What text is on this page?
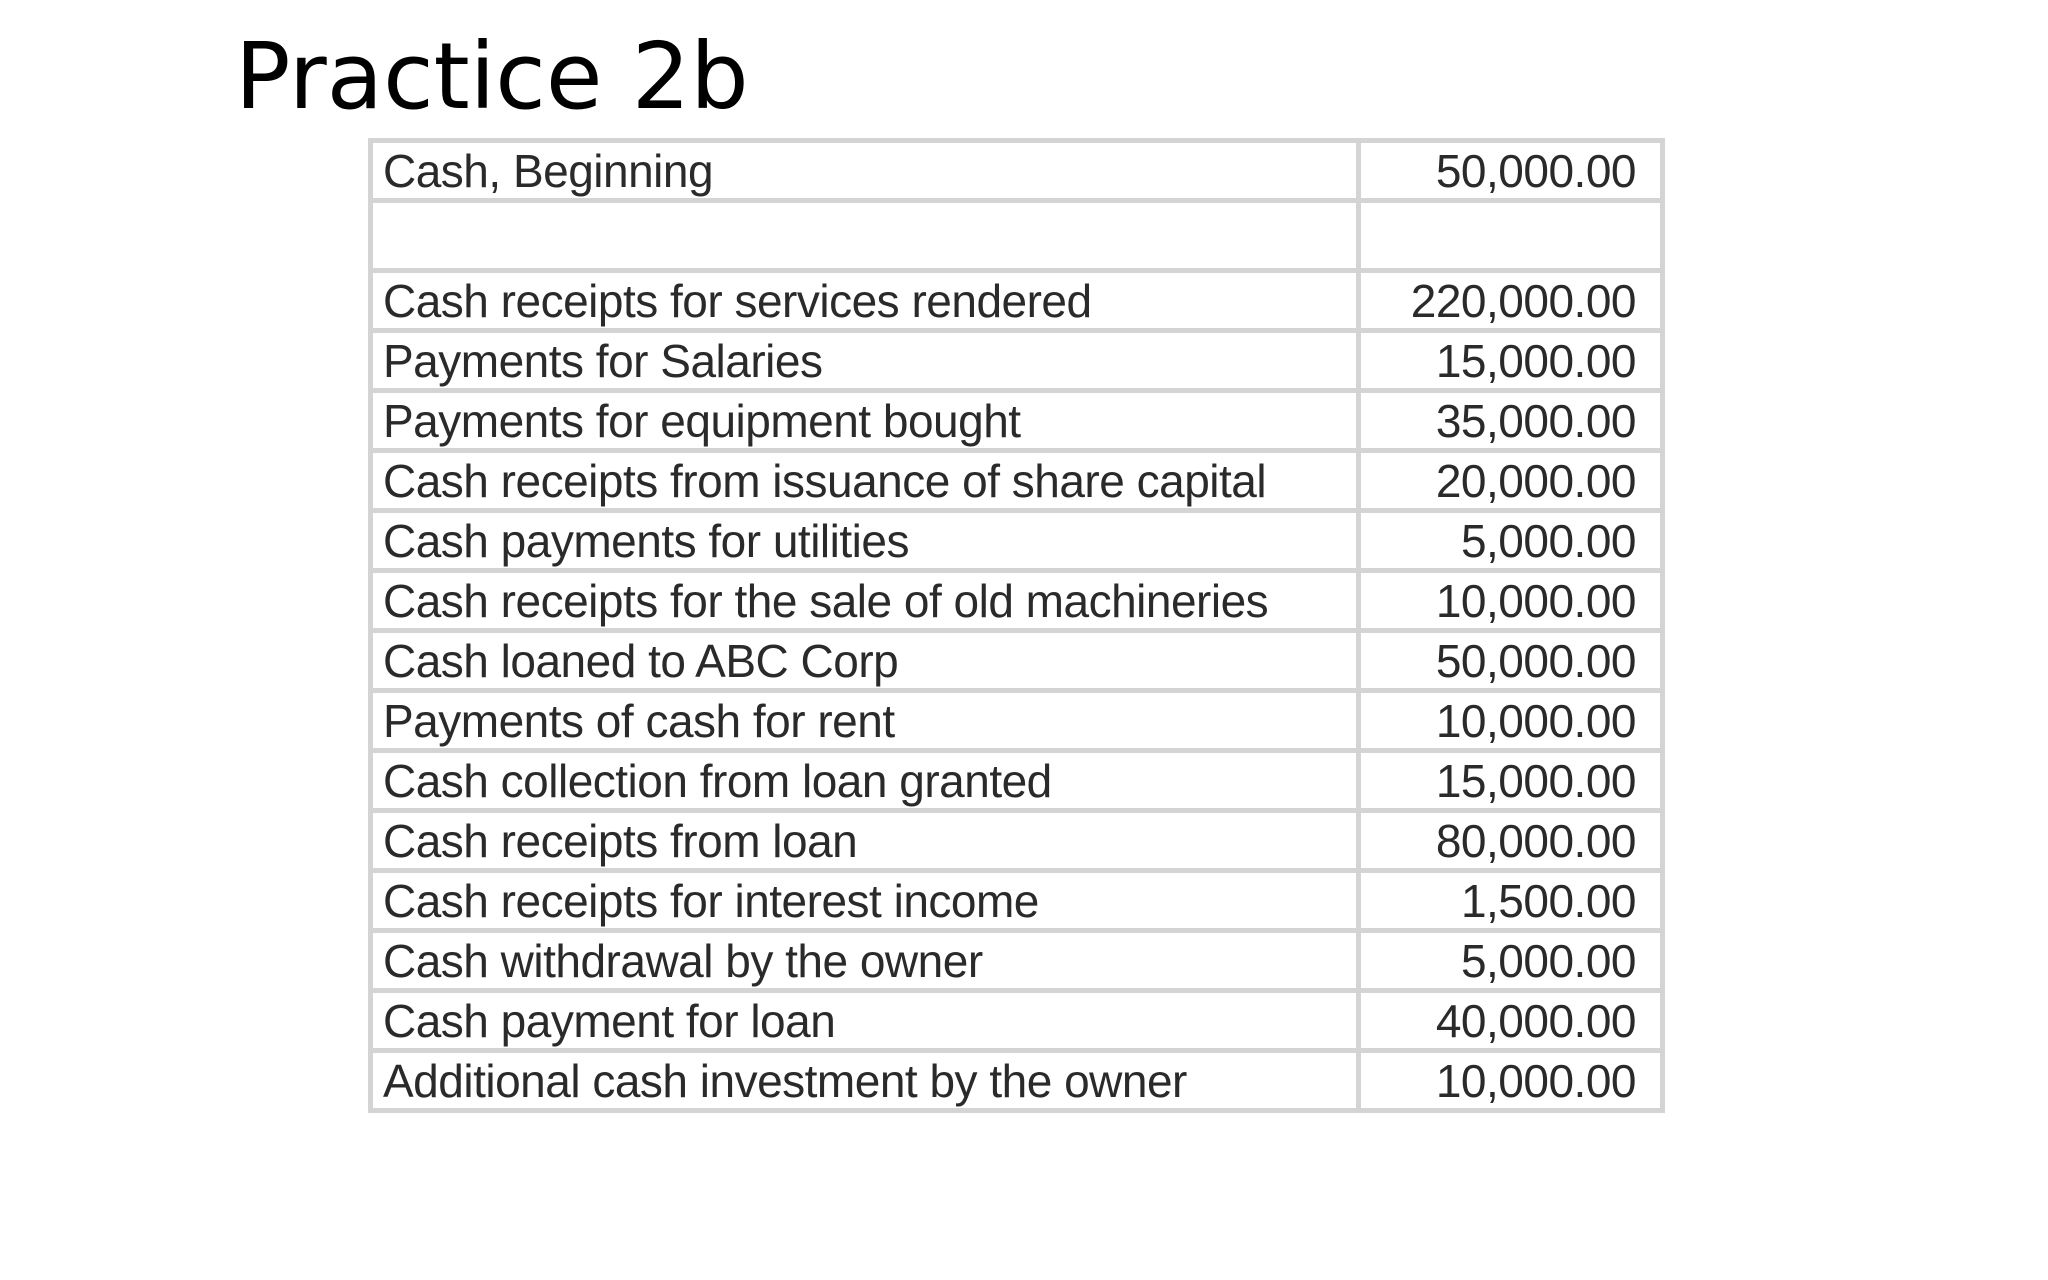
Practice 2b
Cash, Beginning	50,000.00

Cash receipts for services rendered	220,000.00
Payments for Salaries	15,000.00
Payments for equipment bought	35,000.00
Cash receipts from issuance of share capital	20,000.00
Cash payments for utilities	5,000.00
Cash receipts for the sale of old machineries	10,000.00
Cash loaned to ABC Corp	50,000.00
Payments of cash for rent	10,000.00
Cash collection from loan granted	15,000.00
Cash receipts from loan	80,000.00
Cash receipts for interest income	1,500.00
Cash withdrawal by the owner	5,000.00
Cash payment for loan	40,000.00
Additional cash investment by the owner	10,000.00
